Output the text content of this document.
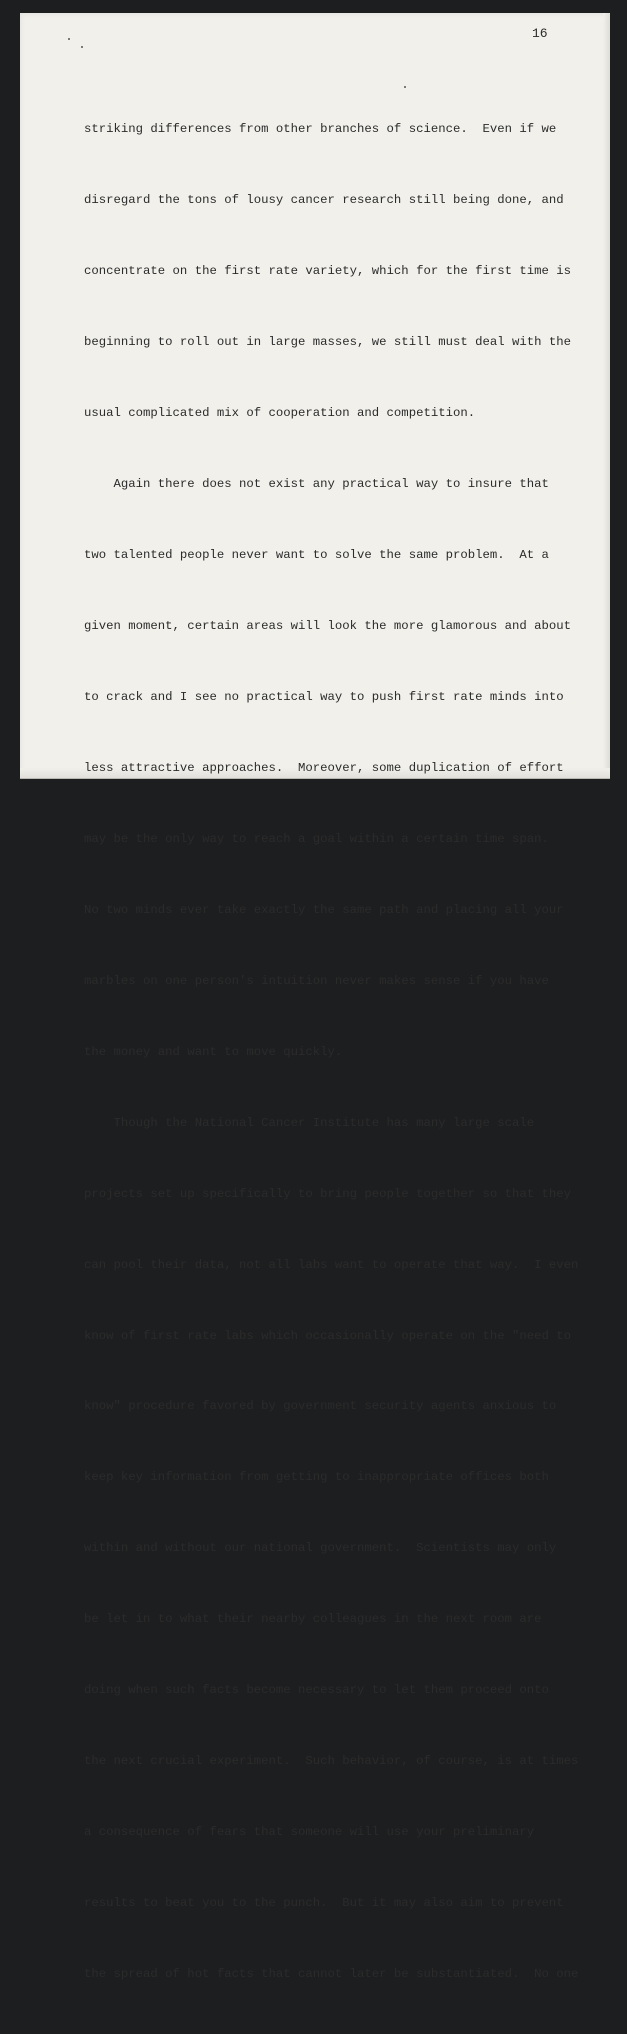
16

striking differences from other branches of science.  Even if we

disregard the tons of lousy cancer research still being done, and

concentrate on the first rate variety, which for the first time is

beginning to roll out in large masses, we still must deal with the

usual complicated mix of cooperation and competition.

Again there does not exist any practical way to insure that

two talented people never want to solve the same problem.  At a

given moment, certain areas will look the more glamorous and about

to crack and I see no practical way to push first rate minds into

less attractive approaches.  Moreover, some duplication of effort

may be the only way to reach a goal within a certain time span.

No two minds ever take exactly the same path and placing all your

marbles on one person's intuition never makes sense if you have

the money and want to move quickly.

Though the National Cancer Institute has many large scale

projects set up specifically to bring people together so that they

can pool their data, not all labs want to operate that way.  I even

know of first rate labs which occasionally operate on the "need to

know" procedure favored by government security agents anxious to

keep key information from getting to inappropriate offices both

within and without our national government.  Scientists may only

be let in to what their nearby colleagues in the next room are

doing when such facts become necessary to let them proceed onto

the next crucial experiment.  Such behavior, of course, is at times

a consequence of fears that someone will use your preliminary

results to beat you to the punch.  But it may also aim to prevent

the spread of hot facts that cannot later be substantiated.  No one
